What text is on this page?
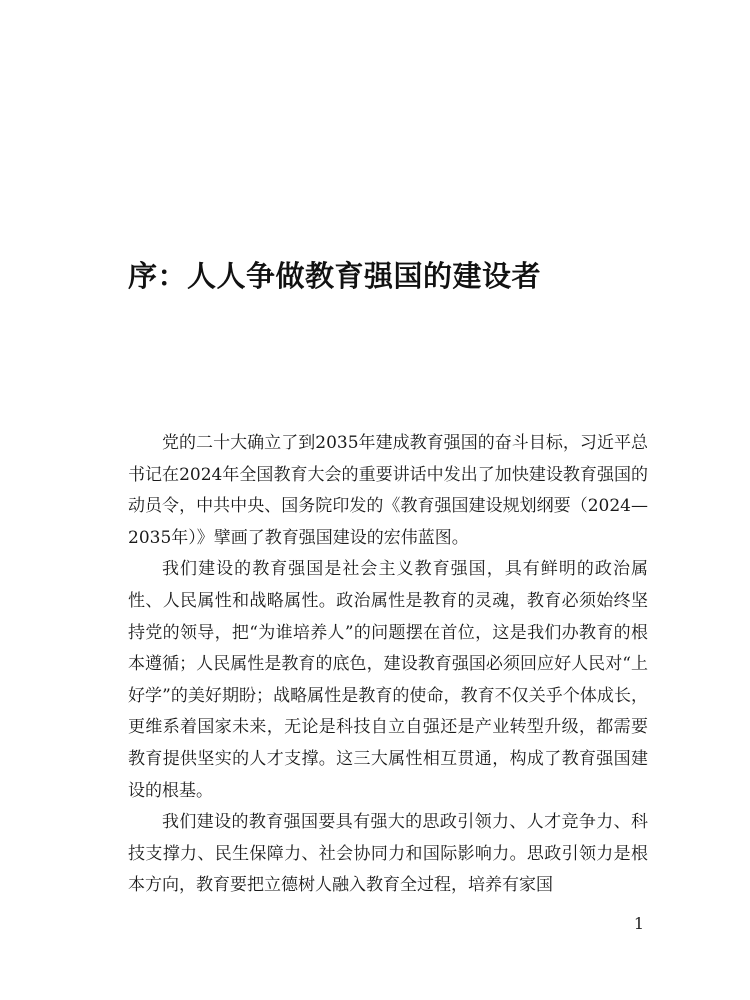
序：人人争做教育强国的建设者

党的二十大确立了到2035年建成教育强国的奋斗目标，习近平总书记在2024年全国教育大会的重要讲话中发出了加快建设教育强国的动员令，中共中央、国务院印发的《教育强国建设规划纲要（2024—2035年）》擘画了教育强国建设的宏伟蓝图。

我们建设的教育强国是社会主义教育强国，具有鲜明的政治属性、人民属性和战略属性。政治属性是教育的灵魂，教育必须始终坚持党的领导，把“为谁培养人”的问题摆在首位，这是我们办教育的根本遵循；人民属性是教育的底色，建设教育强国必须回应好人民对“上好学”的美好期盼；战略属性是教育的使命，教育不仅关乎个体成长，更维系着国家未来，无论是科技自立自强还是产业转型升级，都需要教育提供坚实的人才支撑。这三大属性相互贯通，构成了教育强国建设的根基。

我们建设的教育强国要具有强大的思政引领力、人才竞争力、科技支撑力、民生保障力、社会协同力和国际影响力。思政引领力是根本方向，教育要把立德树人融入教育全过程，培养有家国

1
